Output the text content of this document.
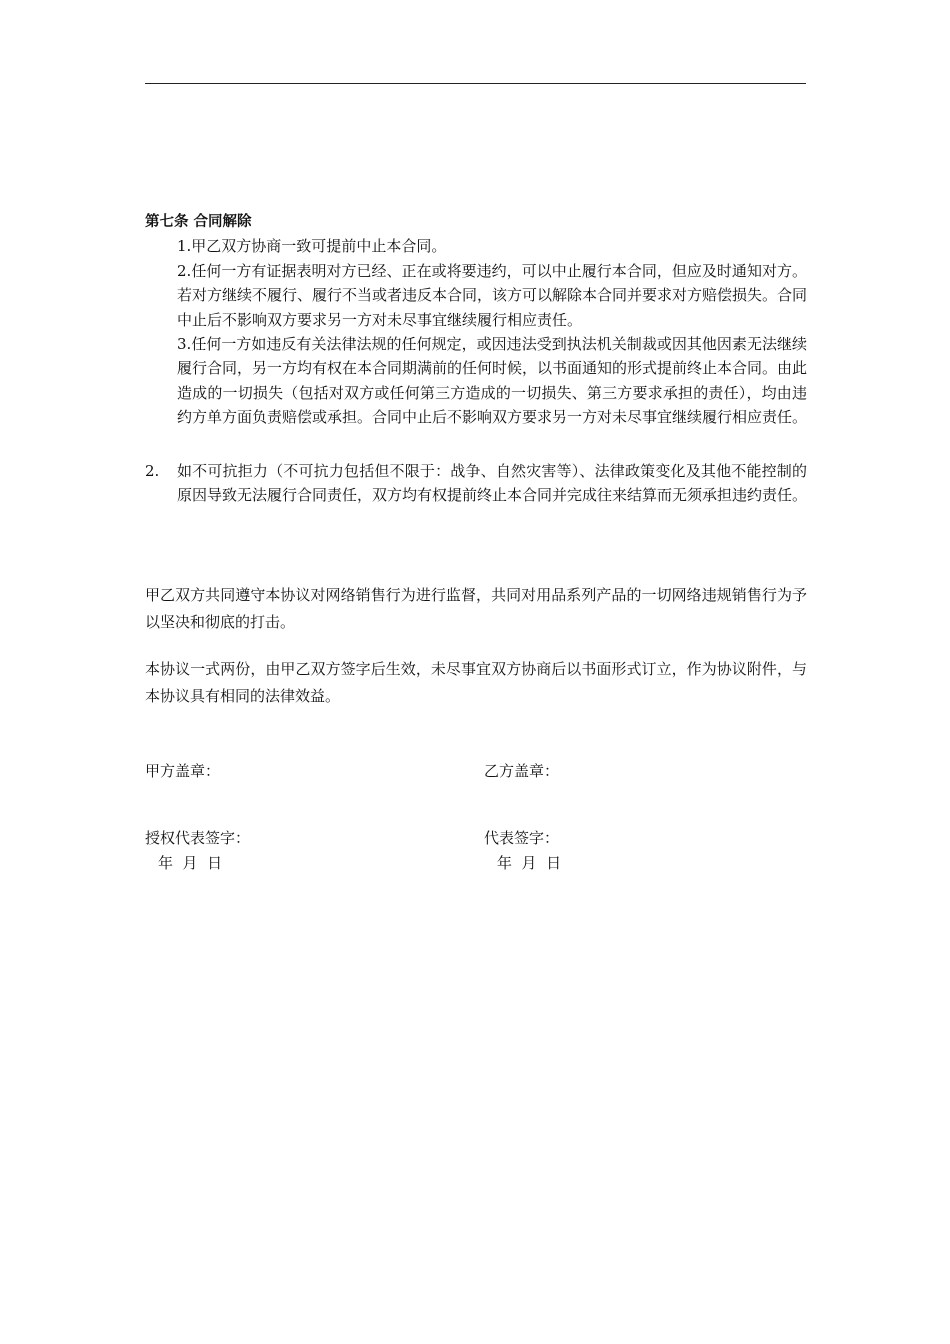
第七条 合同解除
1.甲乙双方协商一致可提前中止本合同。
2.任何一方有证据表明对方已经、正在或将要违约，可以中止履行本合同，但应及时通知对方。若对方继续不履行、履行不当或者违反本合同，该方可以解除本合同并要求对方赔偿损失。合同中止后不影响双方要求另一方对未尽事宜继续履行相应责任。
3.任何一方如违反有关法律法规的任何规定，或因违法受到执法机关制裁或因其他因素无法继续履行合同，另一方均有权在本合同期满前的任何时候，以书面通知的形式提前终止本合同。由此造成的一切损失（包括对双方或任何第三方造成的一切损失、第三方要求承担的责任），均由违约方单方面负责赔偿或承担。合同中止后不影响双方要求另一方对未尽事宜继续履行相应责任。
2. 如不可抗拒力（不可抗力包括但不限于：战争、自然灾害等）、法律政策变化及其他不能控制的原因导致无法履行合同责任，双方均有权提前终止本合同并完成往来结算而无须承担违约责任。
甲乙双方共同遵守本协议对网络销售行为进行监督，共同对用品系列产品的一切网络违规销售行为予以坚决和彻底的打击。
本协议一式两份，由甲乙双方签字后生效，未尽事宜双方协商后以书面形式订立，作为协议附件，与本协议具有相同的法律效益。
甲方盖章：	乙方盖章：
授权代表签字：	代表签字：
年  月  日	年  月  日
